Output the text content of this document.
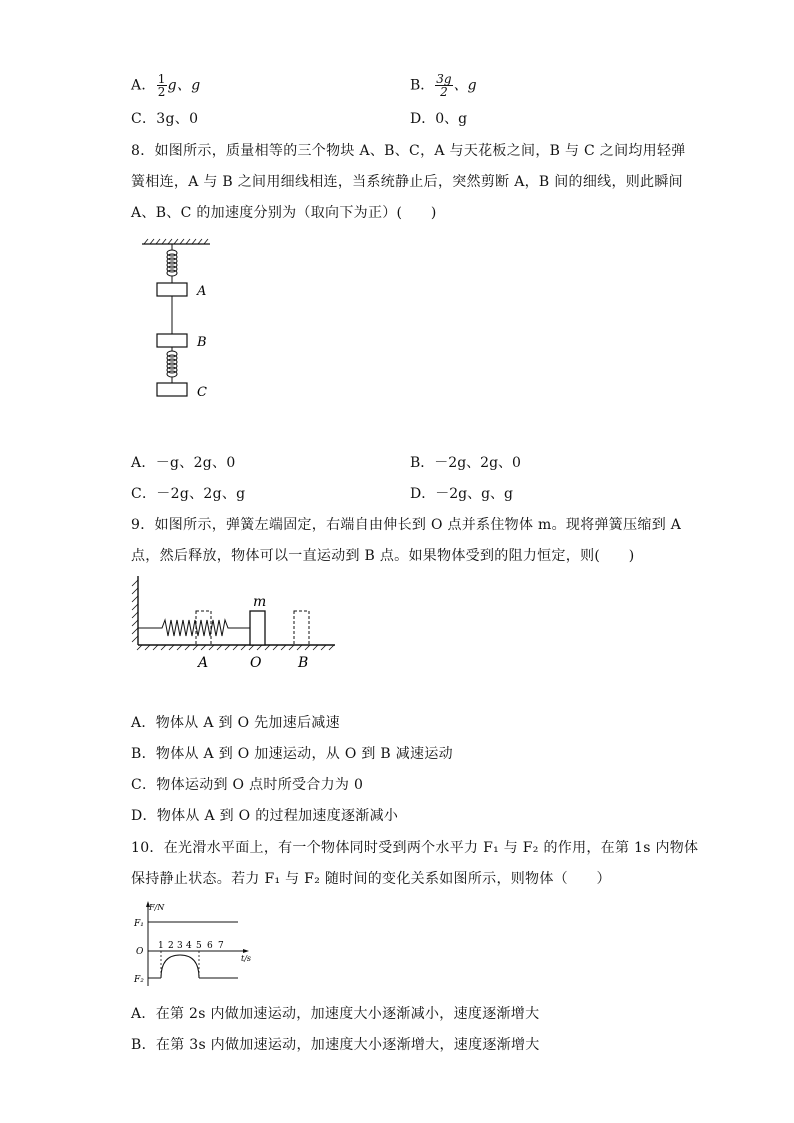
A． $\frac{1}{2}$ g、g	B． $\frac{3g}{2}$ 、g
C．3g、0	D．0、g
8．如图所示，质量相等的三个物块 A、B、C，A 与天花板之间，B 与 C 之间均用轻弹
簧相连，A 与 B 之间用细线相连，当系统静止后，突然剪断 A，B 间的细线，则此瞬间
A、B、C 的加速度分别为（取向下为正）(　　)
A
B
C
A．－g、2g、0	B．－2g、2g、0
C．－2g、2g、g	D．－2g、g、g
9．如图所示，弹簧左端固定，右端自由伸长到 O 点并系住物体 m。现将弹簧压缩到 A
点，然后释放，物体可以一直运动到 B 点。如果物体受到的阻力恒定，则(　　)
m
A	O	B
A．物体从 A 到 O 先加速后减速
B．物体从 A 到 O 加速运动，从 O 到 B 减速运动
C．物体运动到 O 点时所受合力为 0
D．物体从 A 到 O 的过程加速度逐渐减小
10．在光滑水平面上，有一个物体同时受到两个水平力 F₁ 与 F₂ 的作用，在第 1s 内物体
保持静止状态。若力 F₁ 与 F₂ 随时间的变化关系如图所示，则物体（　　）
F/N
t/s
O
F₁
F₂
1 2 3 4 5 6 7
A．在第 2s 内做加速运动，加速度大小逐渐减小，速度逐渐增大
B．在第 3s 内做加速运动，加速度大小逐渐增大，速度逐渐增大
